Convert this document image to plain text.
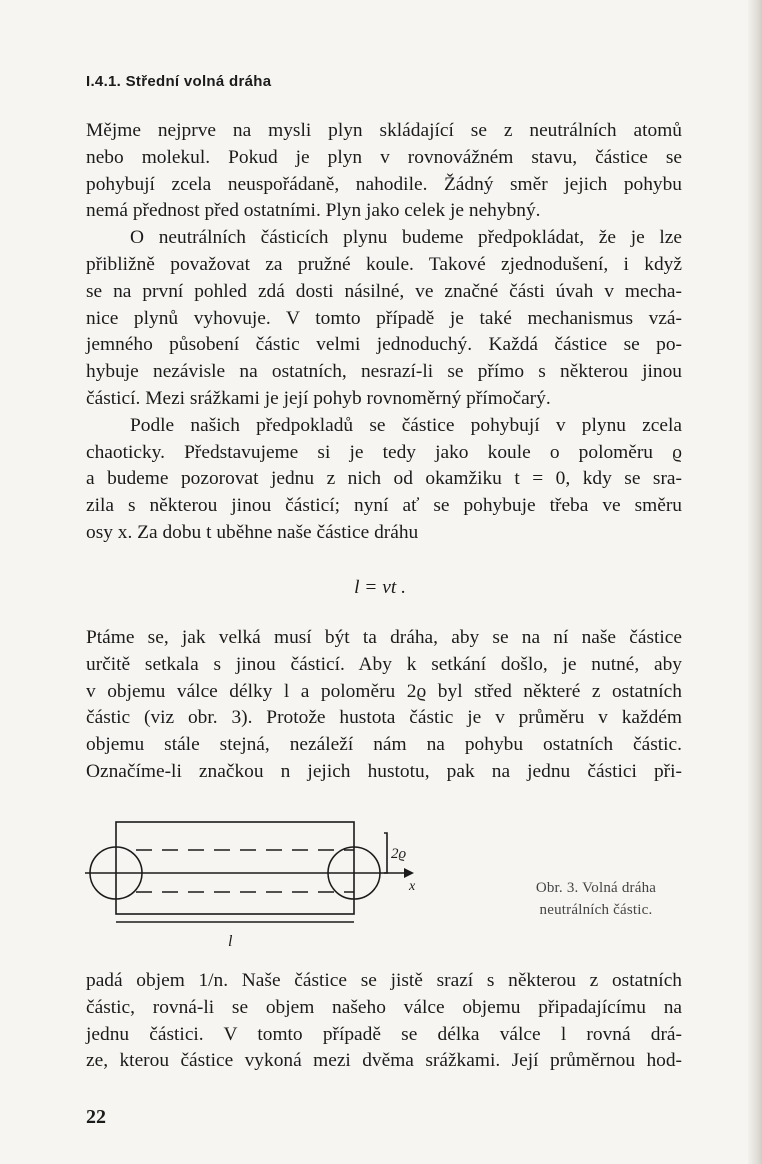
I.4.1. Střední volná dráha

Mějme nejprve na mysli plyn skládající se z neutrálních atomů

nebo molekul. Pokud je plyn v rovnovážném stavu, částice se

pohybují zcela neuspořádaně, nahodile. Žádný směr jejich pohybu

nemá přednost před ostatními. Plyn jako celek je nehybný.

O neutrálních částicích plynu budeme předpokládat, že je lze

přibližně považovat za pružné koule. Takové zjednodušení, i když

se na první pohled zdá dosti násilné, ve značné části úvah v mecha-

nice plynů vyhovuje. V tomto případě je také mechanismus vzá-

jemného působení částic velmi jednoduchý. Každá částice se po-

hybuje nezávisle na ostatních, nesrazí-li se přímo s některou jinou

částicí. Mezi srážkami je její pohyb rovnoměrný přímočarý.

Podle našich předpokladů se částice pohybují v plynu zcela

chaoticky. Představujeme si je tedy jako koule o poloměru ϱ

a budeme pozorovat jednu z nich od okamžiku t = 0, kdy se sra-

zila s některou jinou částicí; nyní ať se pohybuje třeba ve směru

osy x. Za dobu t uběhne naše částice dráhu

l = vt .

Ptáme se, jak velká musí být ta dráha, aby se na ní naše částice

určitě setkala s jinou částicí. Aby k setkání došlo, je nutné, aby

v objemu válce délky l a poloměru 2ϱ byl střed některé z ostatních

částic (viz obr. 3). Protože hustota částic je v průměru v každém

objemu stále stejná, nezáleží nám na pohybu ostatních částic.

Označíme-li značkou n jejich hustotu, pak na jednu částici při-

2ϱ
x
l
Obr. 3. Volná dráha
neutrálních částic.

padá objem 1/n. Naše částice se jistě srazí s některou z ostatních

částic, rovná-li se objem našeho válce objemu připadajícímu na

jednu částici. V tomto případě se délka válce l rovná drá-

ze, kterou částice vykoná mezi dvěma srážkami. Její průměrnou hod-

22
